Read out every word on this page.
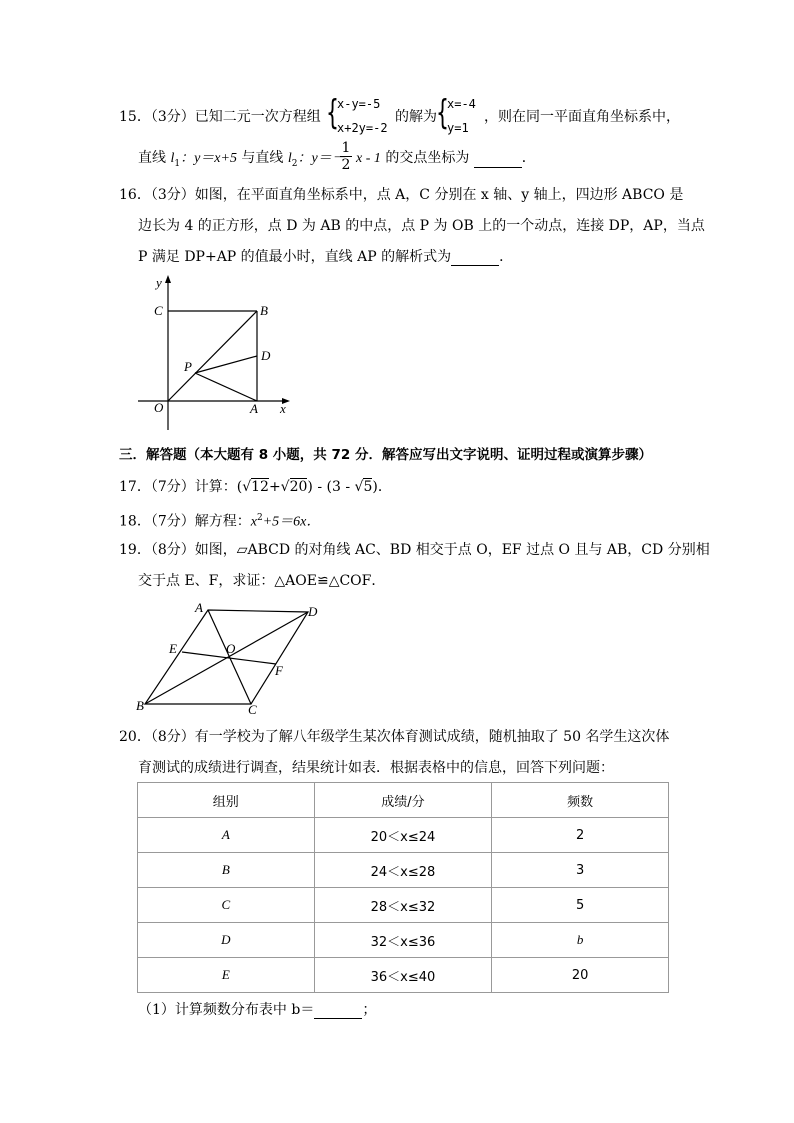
15．（3分）已知二元一次方程组 {
x-y=-5
x+2y=-2
的解为 {
x=-4
y=1
，则在同一平面直角坐标系中，
直线 $l_1$：y＝x+5 与直线 $l_2$：y＝－
$\frac{1}{2}$ x - 1 的交点坐标为	．
16．（3分）如图，在平面直角坐标系中，点 A，C 分别在 x 轴、y 轴上，四边形 ABCO 是
边长为 4 的正方形，点 D 为 AB 的中点，点 P 为 OB 上的一个动点，连接 DP，AP，当点
P 满足 DP+AP 的值最小时，直线 AP 的解析式为	．
y
x
C	B
D
P
O	A
三．解答题（本大题有 8 小题，共 72 分．解答应写出文字说明、证明过程或演算步骤）
17．（7分）计算：(√12+√20) - (3 - √5)．
18．（7分）解方程：$x^2+5=6x$．
19．（8分）如图，▱ABCD 的对角线 AC、BD 相交于点 O，EF 过点 O 且与 AB，CD 分别相
交于点 E、F，求证：△AOE≌△COF．
A	D
E	O
F
B	C
20．（8分）有一学校为了解八年级学生某次体育测试成绩，随机抽取了 50 名学生这次体
育测试的成绩进行调查，结果统计如表．根据表格中的信息，回答下列问题：
组别	成绩/分	频数
A	20＜x≤24	2
B	24＜x≤28	3
C	28＜x≤32	5
D	32＜x≤36	b
E	36＜x≤40	20
（1）计算频数分布表中 b＝	；
